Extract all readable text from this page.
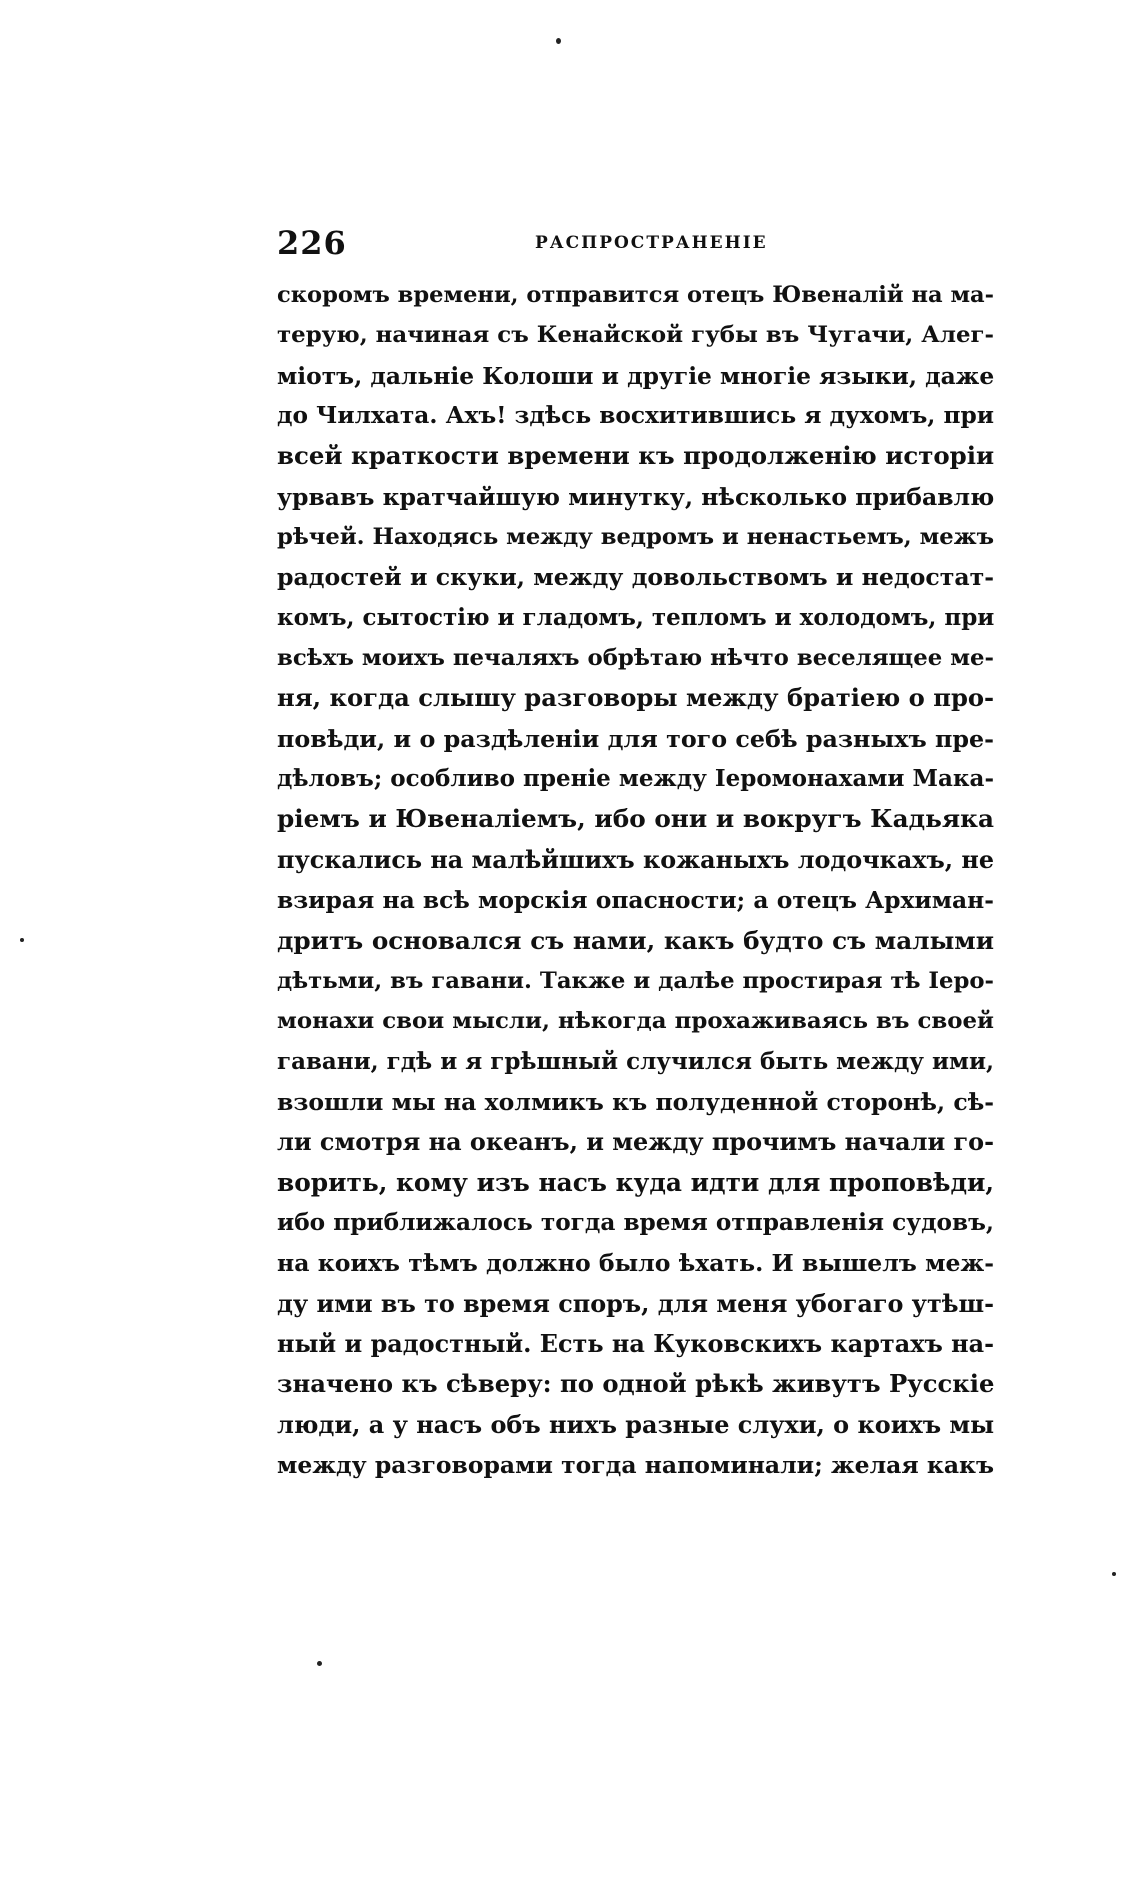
226	РАСПРОСТРАНЕНІЕ
скоромъ времени, отправится отецъ Ювеналій на ма-
терую, начиная съ Кенайской губы въ Чугачи, Алег-
міотъ, дальніе Колоши и другіе многіе языки, даже
до Чилхата. Ахъ! здѣсь восхитившись я духомъ, при
всей краткости времени къ продолженію исторіи
урвавъ кратчайшую минутку, нѣсколько прибавлю
рѣчей. Находясь между ведромъ и ненастьемъ, межъ
радостей и скуки, между довольствомъ и недостат-
комъ, сытостію и гладомъ, тепломъ и холодомъ, при
всѣхъ моихъ печаляхъ обрѣтаю нѣчто веселящее ме-
ня, когда слышу разговоры между братіею о про-
повѣди, и о раздѣленіи для того себѣ разныхъ пре-
дѣловъ; особливо преніе между Іеромонахами Мака-
ріемъ и Ювеналіемъ, ибо они и вокругъ Кадьяка
пускались на малѣйшихъ кожаныхъ лодочкахъ, не
взирая на всѣ морскія опасности; а отецъ Архиман-
дритъ основался съ нами, какъ будто съ малыми
дѣтьми, въ гавани. Также и далѣе простирая тѣ Іеро-
монахи свои мысли, нѣкогда прохаживаясь въ своей
гавани, гдѣ и я грѣшный случился быть между ими,
взошли мы на холмикъ къ полуденной сторонѣ, сѣ-
ли смотря на океанъ, и между прочимъ начали го-
ворить, кому изъ насъ куда идти для проповѣди,
ибо приближалось тогда время отправленія судовъ,
на коихъ тѣмъ должно было ѣхать. И вышелъ меж-
ду ими въ то время споръ, для меня убогаго утѣш-
ный и радостный. Есть на Куковскихъ картахъ на-
значено къ сѣверу: по одной рѣкѣ живутъ Русскіе
люди, а у насъ объ нихъ разные слухи, о коихъ мы
между разговорами тогда напоминали; желая какъ
